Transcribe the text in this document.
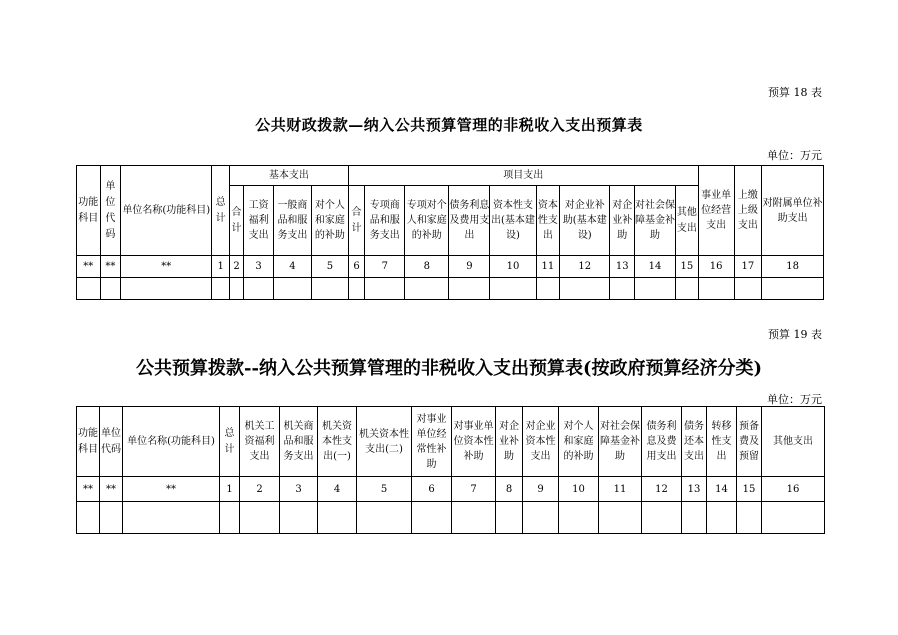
预算 18 表
公共财政拨款—纳入公共预算管理的非税收入支出预算表
单位：万元
功能科目	单位代码	单位名称(功能科目)	总计	基本支出				项目支出										事业单位经营支出	上缴上级支出	对附属单位补助支出
				合计	工资福利支出	一般商品和服务支出	对个人和家庭的补助	合计	专项商品和服务支出	专项对个人和家庭的补助	债务利息及费用支出	资本性支出(基本建设)	资本性支出	对企业补助(基本建设)	对企业补助	对社会保障基金补助	其他支出			
**	**	**	1	2	3	4	5	6	7	8	9	10	11	12	13	14	15	16	17	18

预算 19 表
公共预算拨款--纳入公共预算管理的非税收入支出预算表(按政府预算经济分类)
单位：万元
功能科目	单位代码	单位名称(功能科目)	总计	机关工资福利支出	机关商品和服务支出	机关资本性支出(一)	机关资本性支出(二)	对事业单位经常性补助	对事业单位资本性补助	对企业补助	对企业资本性支出	对个人和家庭的补助	对社会保障基金补助	债务利息及费用支出	债务还本支出	转移性支出	预备费及预留	其他支出
**	**	**	1	2	3	4	5	6	7	8	9	10	11	12	13	14	15	16
